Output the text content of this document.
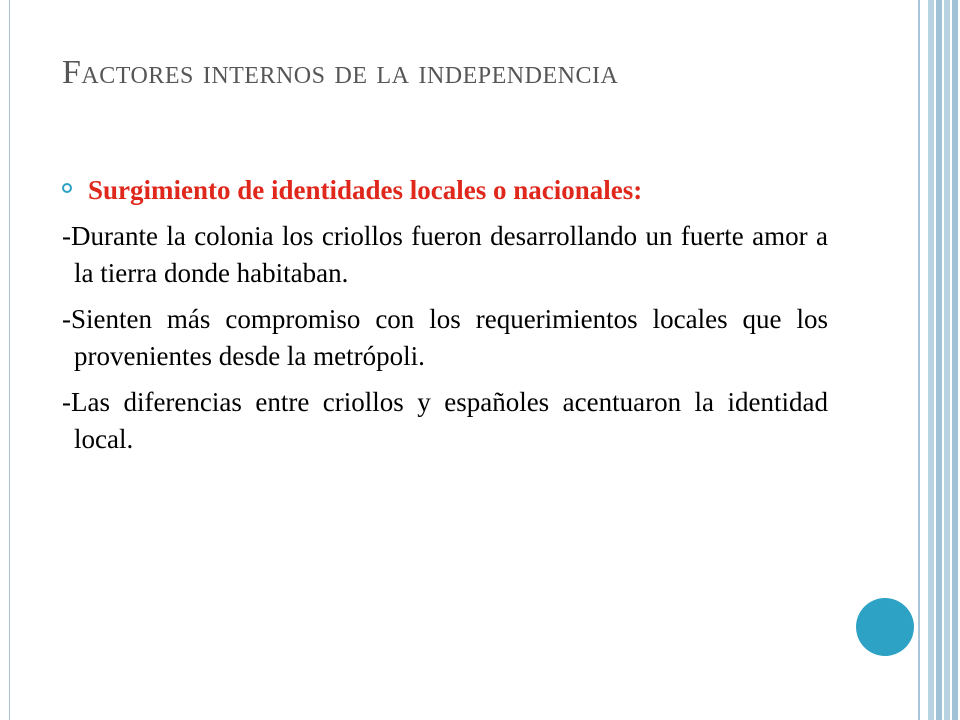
Factores internos de la independencia
Surgimiento de identidades locales o nacionales:

-Durante la colonia los criollos fueron desarrollando un fuerte amor a la tierra donde habitaban.

-Sienten más compromiso con los requerimientos locales que los provenientes desde la metrópoli.

-Las diferencias entre criollos y españoles acentuaron la identidad local.
